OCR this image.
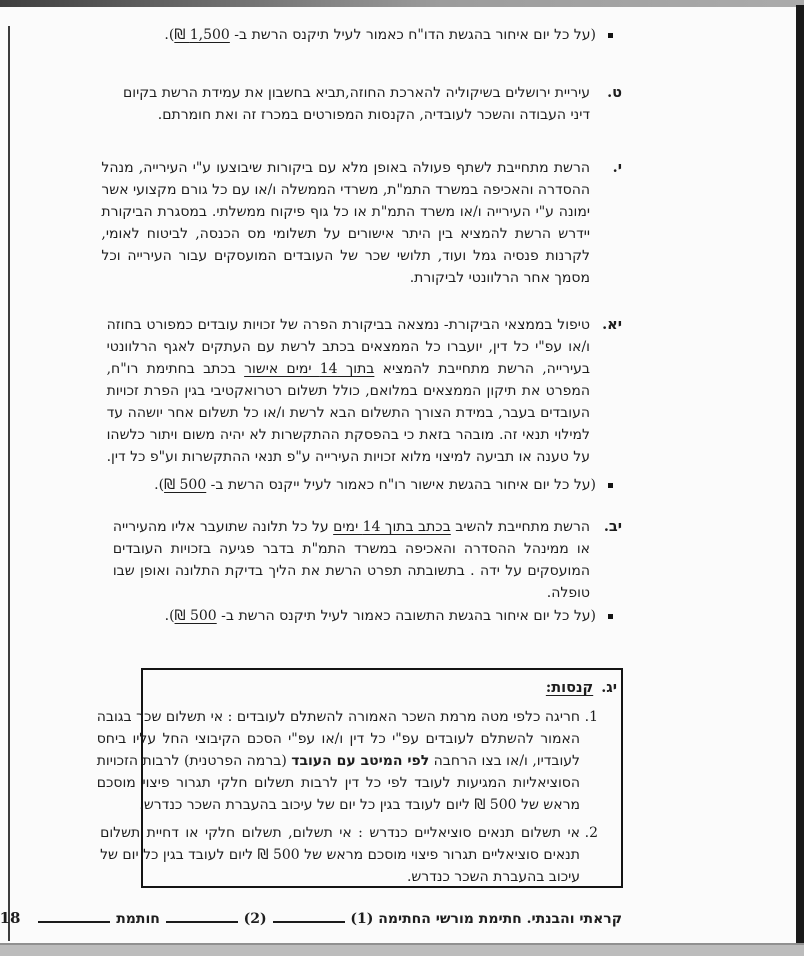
(על כל יום איחור בהגשת הדו"ח כאמור לעיל תיקנס הרשת ב- 1,500 ₪).
ט.
עיריית ירושלים בשיקוליה להארכת החוזה,תביא בחשבון את עמידת הרשת בקיום
דיני העבודה והשכר לעובדיה, הקנסות המפורטים במכרז זה ואת חומרתם.
י.
הרשת מתחייבת לשתף פעולה באופן מלא עם ביקורות שיבוצעו ע"י העירייה, מנהל
ההסדרה והאכיפה במשרד התמ"ת, משרדי הממשלה ו/או עם כל גורם מקצועי אשר
ימונה ע"י העירייה ו/או משרד התמ"ת או כל גוף פיקוח ממשלתי. במסגרת הביקורת
יידרש הרשת להמציא בין היתר אישורים על תשלומי מס הכנסה, לביטוח לאומי,
לקרנות פנסיה גמל ועוד, תלושי שכר של העובדים המועסקים עבור העירייה וכל
מסמך אחר הרלוונטי לביקורת.
יא.
טיפול בממצאי הביקורת- נמצאה בביקורת הפרה של זכויות עובדים כמפורט בחוזה
ו/או עפ"י כל דין, יועברו כל הממצאים בכתב לרשת עם העתקים לאגף הרלוונטי
בעירייה, הרשת מתחייבת להמציא בתוך 14 ימים אישור בכתב בחתימת רו"ח,
המפרט את תיקון הממצאים במלואם, כולל תשלום רטרואקטיבי בגין הפרת זכויות
העובדים בעבר, במידת הצורך התשלום הבא לרשת ו/או כל תשלום אחר יושהה עד
למילוי תנאי זה. מובהר בזאת כי בהפסקת ההתקשרות לא יהיה משום ויתור כלשהו
על טענה או תביעה למיצוי מלוא זכויות העירייה ע"פ תנאי ההתקשרות וע"פ כל דין.
(על כל יום איחור בהגשת אישור רו"ח כאמור לעיל ייקנס הרשת ב- 500 ₪).
יב.
הרשת מתחייבת להשיב בכתב בתוך 14 ימים על כל תלונה שתועבר אליו מהעירייה
או ממינהל ההסדרה והאכיפה במשרד התמ"ת בדבר פגיעה בזכויות העובדים
המועסקים על ידה . בתשובתה תפרט הרשת את הליך בדיקת התלונה ואופן שבו
טופלה.
(על כל יום איחור בהגשת התשובה כאמור לעיל תיקנס הרשת ב- 500 ₪).
יג.
קנסות:
1.
חריגה כלפי מטה מרמת השכר האמורה להשתלם לעובדים : אי תשלום שכר בגובה
האמור להשתלם לעובדים עפ"י כל דין ו/או עפ"י הסכם הקיבוצי החל עליו ביחס
לעובדיו, ו/או בצו הרחבה לפי המיטב עם העובד (ברמה הפרטנית) לרבות הזכויות
הסוציאליות המגיעות לעובד לפי כל דין לרבות תשלום חלקי תגרור פיצוי מוסכם
מראש של 500 ₪ ליום לעובד בגין כל יום של עיכוב בהעברת השכר כנדרש.
2.
אי תשלום תנאים סוציאליים כנדרש : אי תשלום, תשלום חלקי או דחיית תשלום
תנאים סוציאליים תגרור פיצוי מוסכם מראש של 500 ₪ ליום לעובד בגין כל יום של
עיכוב בהעברת השכר כנדרש.
קראתי והבנתי. חתימת מורשי החתימה (1)  (2)  חותמת  18
